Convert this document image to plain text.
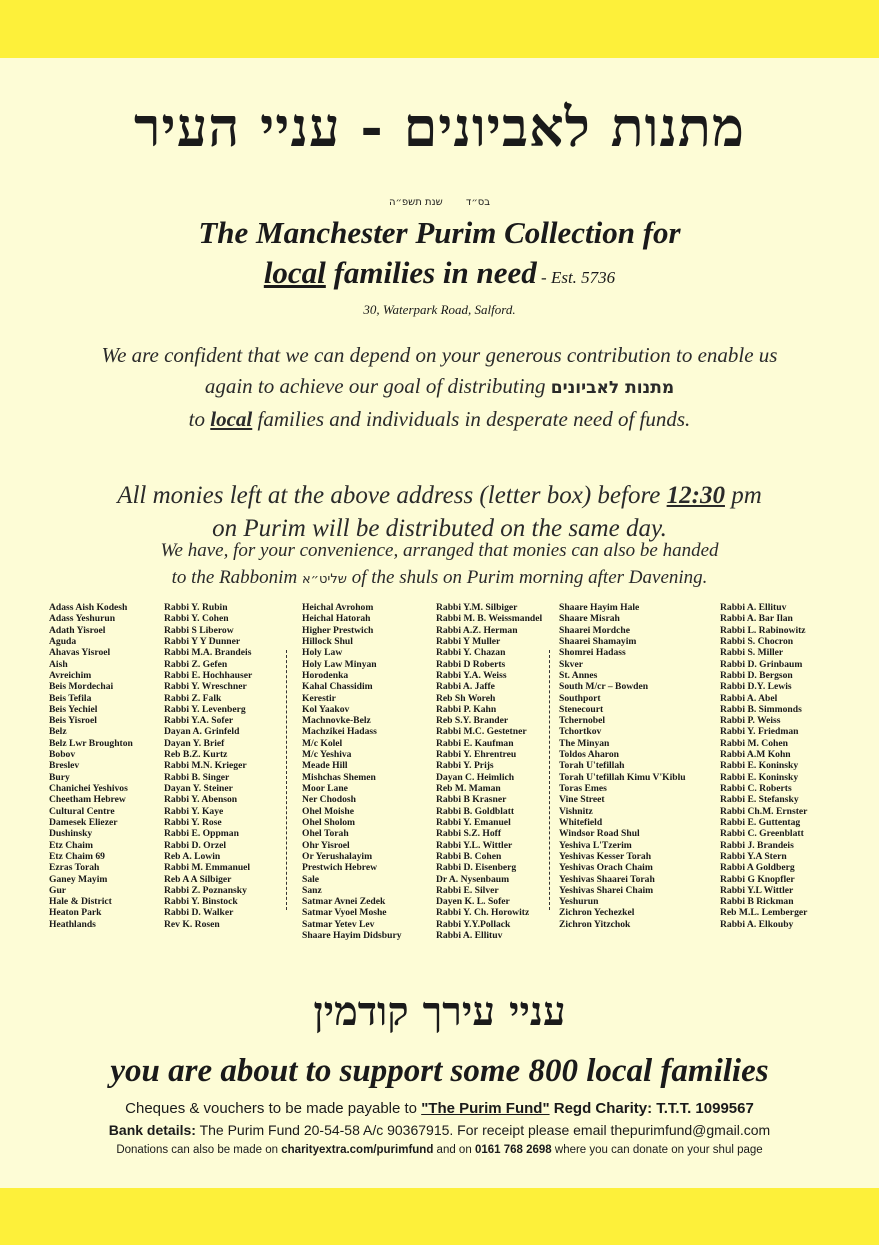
מתנות לאביונים - עניי העיר
בס״ד שנת תשפ״ה
The Manchester Purim Collection for
local families in need - Est. 5736
30, Waterpark Road, Salford.
We are confident that we can depend on your generous contribution to enable us
again to achieve our goal of distributing מתנות לאביונים
to local families and individuals in desperate need of funds.
All monies left at the above address (letter box) before 12:30 pm
on Purim will be distributed on the same day.
We have, for your convenience, arranged that monies can also be handed
to the Rabbonim שליט״א of the shuls on Purim morning after Davening.
Adass Aish Kodesh
Adass Yeshurun
Adath Yisroel
Aguda
Ahavas Yisroel
Aish
Avreichim
Beis Mordechai
Beis Tefila
Beis Yechiel
Beis Yisroel
Belz
Belz Lwr Broughton
Bobov
Breslev
Bury
Chanichei Yeshivos
Cheetham Hebrew
Cultural Centre
Damesek Eliezer
Dushinsky
Etz Chaim
Etz Chaim 69
Ezras Torah
Ganey Mayim
Gur
Hale & District
Heaton Park
Heathlands
Rabbi Y. Rubin
Rabbi Y. Cohen
Rabbi S Liberow
Rabbi Y Y Dunner
Rabbi M.A. Brandeis
Rabbi Z. Gefen
Rabbi E. Hochhauser
Rabbi Y. Wreschner
Rabbi Z. Falk
Rabbi Y. Levenberg
Rabbi Y.A. Sofer
Dayan A. Grinfeld
Dayan Y. Brief
Reb B.Z. Kurtz
Rabbi M.N. Krieger
Rabbi B. Singer
Dayan Y. Steiner
Rabbi Y. Abenson
Rabbi Y. Kaye
Rabbi Y. Rose
Rabbi E. Oppman
Rabbi D. Orzel
Reb A. Lowin
Rabbi M. Emmanuel
Reb A A Silbiger
Rabbi Z. Poznansky
Rabbi Y. Binstock
Rabbi D. Walker
Rev K. Rosen
Heichal Avrohom
Heichal Hatorah
Higher Prestwich
Hillock Shul
Holy Law
Holy Law Minyan
Horodenka
Kahal Chassidim
Kerestir
Kol Yaakov
Machnovke-Belz
Machzikei Hadass
M/c Kolel
M/c Yeshiva
Meade Hill
Mishchas Shemen
Moor Lane
Ner Chodosh
Ohel Moishe
Ohel Sholom
Ohel Torah
Ohr Yisroel
Or Yerushalayim
Prestwich Hebrew
Sale
Sanz
Satmar Avnei Zedek
Satmar Vyoel Moshe
Satmar Yetev Lev
Shaare Hayim Didsbury
Rabbi Y.M. Silbiger
Rabbi M. B. Weissmandel
Rabbi A.Z. Herman
Rabbi Y Muller
Rabbi Y. Chazan
Rabbi D Roberts
Rabbi Y.A. Weiss
Rabbi A. Jaffe
Reb Sh Woreh
Rabbi P. Kahn
Reb S.Y. Brander
Rabbi M.C. Gestetner
Rabbi E. Kaufman
Rabbi Y. Ehrentreu
Rabbi Y. Prijs
Dayan C. Heimlich
Reb M. Maman
Rabbi B Krasner
Rabbi B. Goldblatt
Rabbi Y. Emanuel
Rabbi S.Z. Hoff
Rabbi Y.L. Wittler
Rabbi B. Cohen
Rabbi D. Eisenberg
Dr A. Nysenbaum
Rabbi E. Silver
Dayen K. L. Sofer
Rabbi Y. Ch. Horowitz
Rabbi Y.Y.Pollack
Rabbi A. Ellituv
Shaare Hayim Hale
Shaare Misrah
Shaarei Mordche
Shaarei Shamayim
Shomrei Hadass
Skver
St. Annes
South M/cr – Bowden
Southport
Stenecourt
Tchernobel
Tchortkov
The Minyan
Toldos Aharon
Torah U'tefillah
Torah U'tefillah Kimu V'Kiblu
Toras Emes
Vine Street
Vishnitz
Whitefield
Windsor Road Shul
Yeshiva L'Tzerim
Yeshivas Kesser Torah
Yeshivas Orach Chaim
Yeshivas Shaarei Torah
Yeshivas Sharei Chaim
Yeshurun
Zichron Yechezkel
Zichron Yitzchok
Rabbi A. Ellituv
Rabbi A. Bar Ilan
Rabbi L. Rabinowitz
Rabbi S. Chocron
Rabbi S. Miller
Rabbi D. Grinbaum
Rabbi D. Bergson
Rabbi D.Y. Lewis
Rabbi A. Abel
Rabbi B. Simmonds
Rabbi P. Weiss
Rabbi Y. Friedman
Rabbi M. Cohen
Rabbi A.M Kohn
Rabbi E. Koninsky
Rabbi E. Koninsky
Rabbi C. Roberts
Rabbi E. Stefansky
Rabbi Ch.M. Ernster
Rabbi E. Guttentag
Rabbi C. Greenblatt
Rabbi J. Brandeis
Rabbi Y.A Stern
Rabbi A Goldberg
Rabbi G Knopfler
Rabbi Y.L Wittler
Rabbi B Rickman
Reb M.L. Lemberger
Rabbi A. Elkouby
עניי עירך קודמין
you are about to support some 800 local families
Cheques & vouchers to be made payable to "The Purim Fund" Regd Charity: T.T.T. 1099567
Bank details: The Purim Fund 20-54-58 A/c 90367915. For receipt please email thepurimfund@gmail.com
Donations can also be made on charityextra.com/purimfund and on 0161 768 2698 where you can donate on your shul page
